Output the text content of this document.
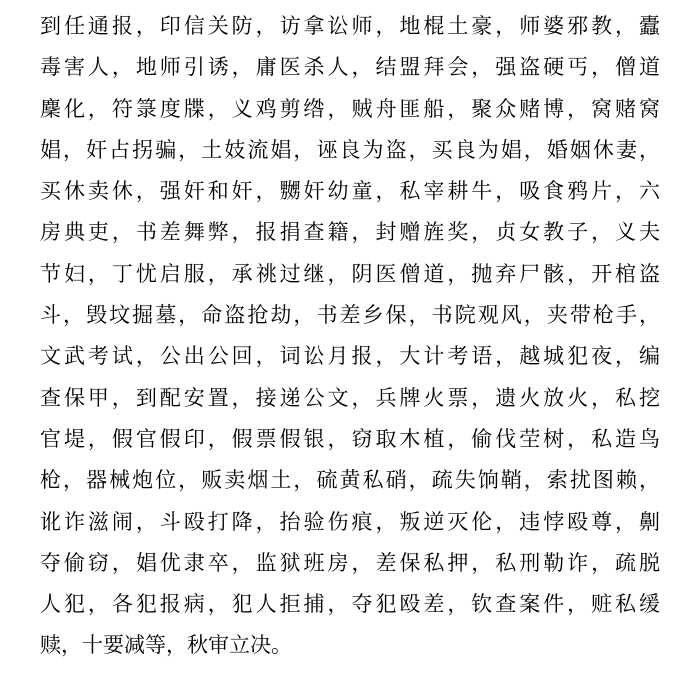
到任通报，印信关防，访拿讼师，地棍土豪，师婆邪教，蠹
毒害人，地师引诱，庸医杀人，结盟拜会，强盗硬丐，僧道
麇化，符箓度牒，义鸡剪绺，贼舟匪船，聚众赌博，窝赌窝
娼，奸占拐骗，土妓流娼，诬良为盗，买良为娼，婚姻休妻，
买休卖休，强奸和奸，嬲奸幼童，私宰耕牛，吸食鸦片，六
房典吏，书差舞弊，报捐查籍，封赠旌奖，贞女教子，义夫
节妇，丁忧启服，承祧过继，阴医僧道，抛弃尸骸，开棺盗
斗，毁坟掘墓，命盗抢劫，书差乡保，书院观风，夹带枪手，
文武考试，公出公回，词讼月报，大计考语，越城犯夜，编
查保甲，到配安置，接递公文，兵牌火票，遗火放火，私挖
官堤，假官假印，假票假银，窃取木植，偷伐茔树，私造鸟
枪，器械炮位，贩卖烟土，硫黄私硝，疏失饷鞘，索扰图赖，
讹诈滋闹，斗殴打降，抬验伤痕，叛逆灭伦，违悖殴尊，劓
夺偷窃，娼优隶卒，监狱班房，差保私押，私刑勒诈，疏脱
人犯，各犯报病，犯人拒捕，夺犯殴差，钦查案件，赃私缓
赎，十要减等，秋审立决。
